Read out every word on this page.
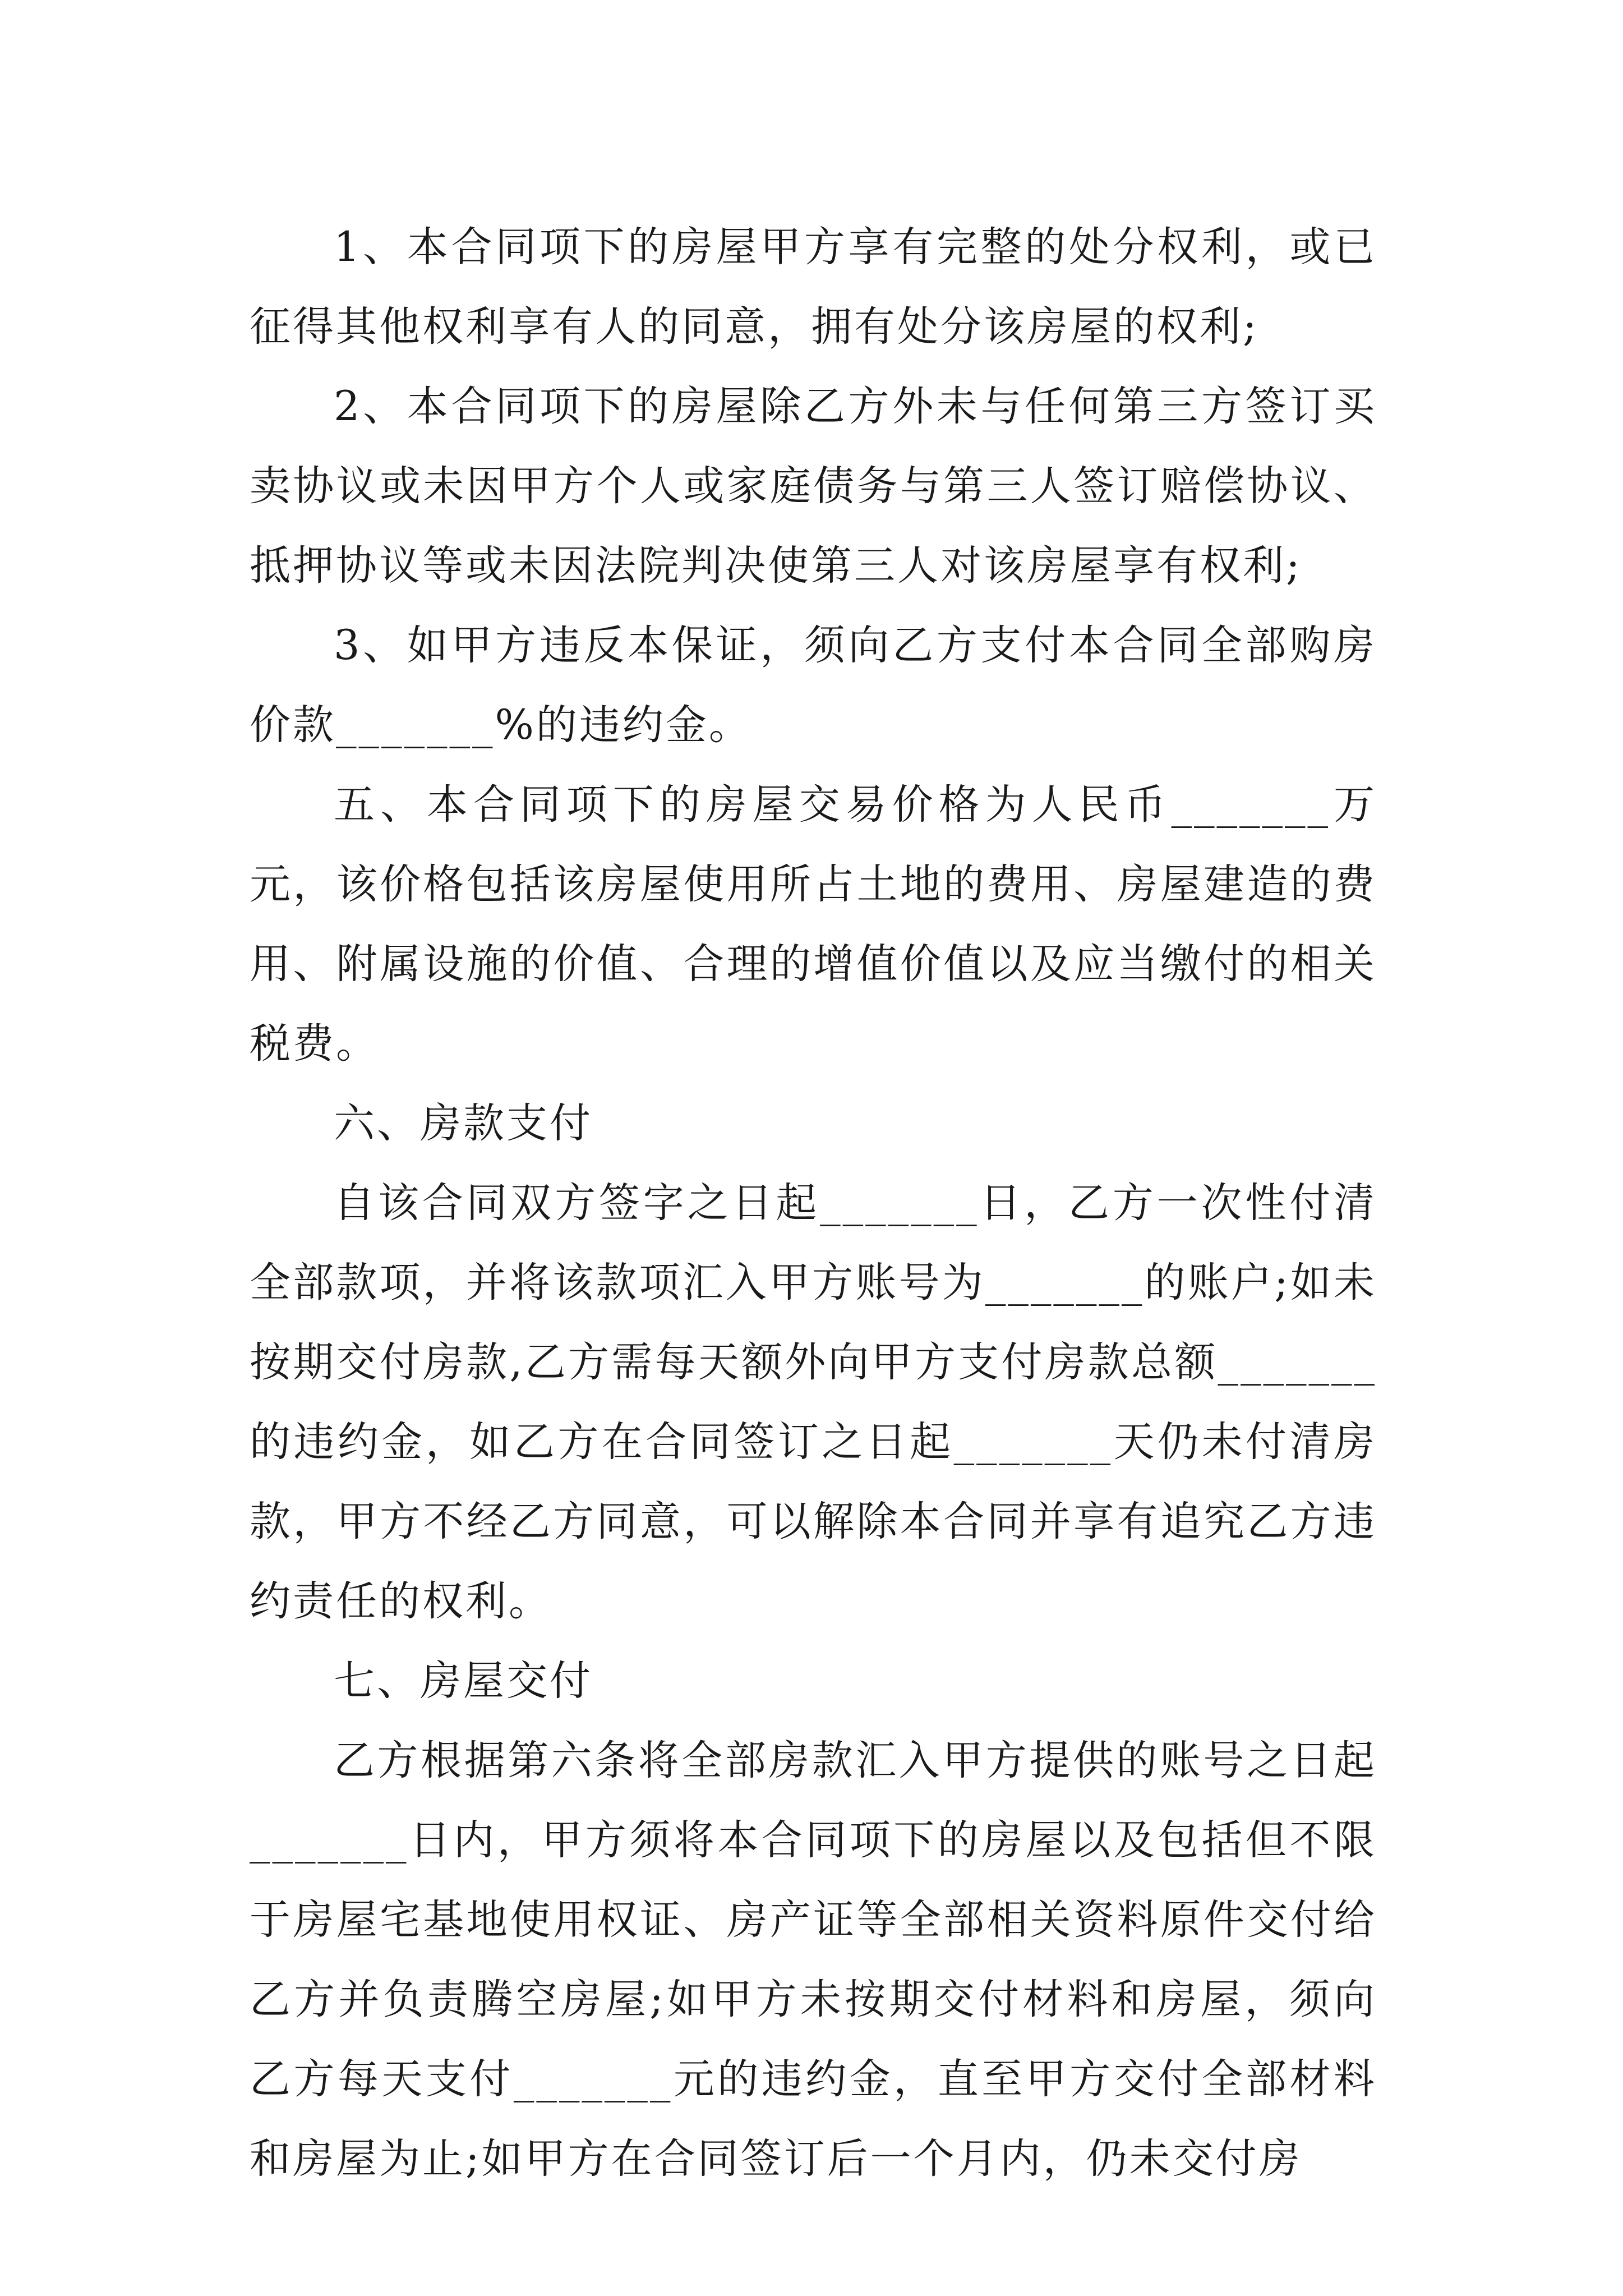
1、本合同项下的房屋甲方享有完整的处分权利，或已征得其他权利享有人的同意，拥有处分该房屋的权利;

2、本合同项下的房屋除乙方外未与任何第三方签订买卖协议或未因甲方个人或家庭债务与第三人签订赔偿协议、抵押协议等或未因法院判决使第三人对该房屋享有权利;

3、如甲方违反本保证，须向乙方支付本合同全部购房价款_______%的违约金。

五、本合同项下的房屋交易价格为人民币_______万元，该价格包括该房屋使用所占土地的费用、房屋建造的费用、附属设施的价值、合理的增值价值以及应当缴付的相关税费。

六、房款支付

自该合同双方签字之日起_______日，乙方一次性付清全部款项，并将该款项汇入甲方账号为_______的账户;如未按期交付房款,乙方需每天额外向甲方支付房款总额_______的违约金，如乙方在合同签订之日起_______天仍未付清房款，甲方不经乙方同意，可以解除本合同并享有追究乙方违约责任的权利。

七、房屋交付

乙方根据第六条将全部房款汇入甲方提供的账号之日起_______日内，甲方须将本合同项下的房屋以及包括但不限于房屋宅基地使用权证、房产证等全部相关资料原件交付给乙方并负责腾空房屋;如甲方未按期交付材料和房屋，须向乙方每天支付_______元的违约金，直至甲方交付全部材料和房屋为止;如甲方在合同签订后一个月内，仍未交付房
